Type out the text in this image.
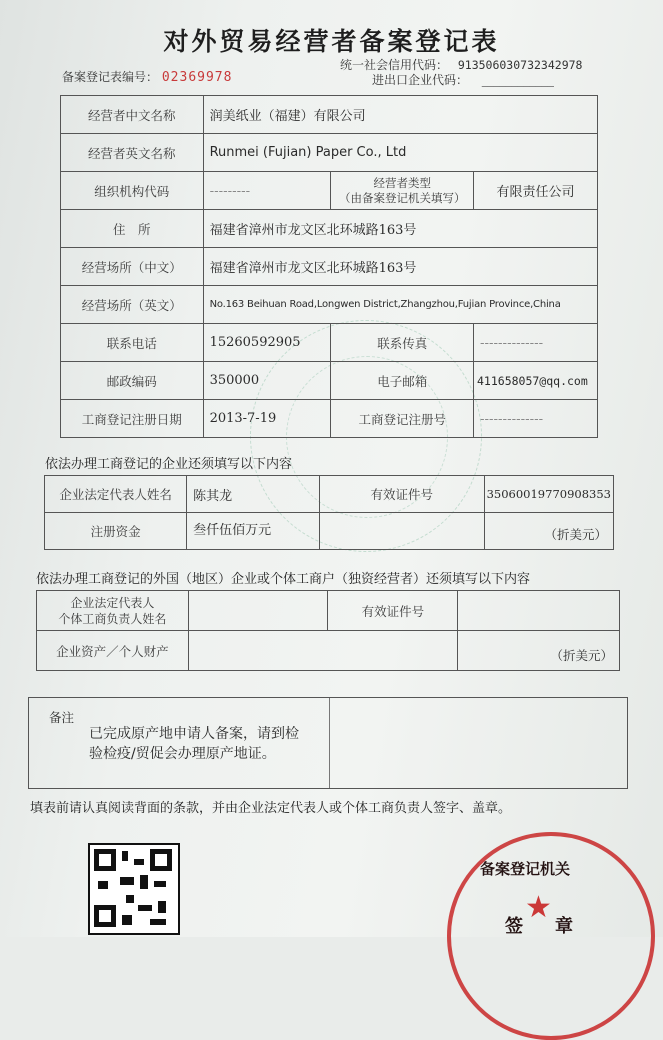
对外贸易经营者备案登记表
备案登记表编号： 02369978
统一社会信用代码： 913506030732342978
进出口企业代码： ____________
经营者中文名称	润美纸业（福建）有限公司		
经营者英文名称	Runmei (Fujian) Paper Co., Ltd		
组织机构代码	---------	经营者类型
（由备案登记机关填写）	有限责任公司
住　所	福建省漳州市龙文区北环城路163号		
经营场所（中文）	福建省漳州市龙文区北环城路163号		
经营场所（英文）	No.163 Beihuan Road,Longwen District,Zhangzhou,Fujian Province,China		
联系电话	15260592905	联系传真	--------------
邮政编码	350000	电子邮箱	411658057@qq.com
工商登记注册日期	2013-7-19	工商登记注册号	--------------
依法办理工商登记的企业还须填写以下内容
企业法定代表人姓名	陈其龙	有效证件号	35060019770908353
注册资金	叁仟伍佰万元		（折美元）
依法办理工商登记的外国（地区）企业或个体工商户（独资经营者）还须填写以下内容
企业法定代表人
个体工商负责人姓名		有效证件号	
企业资产／个人财产			（折美元）
备注
已完成原产地申请人备案，请到检
验检疫/贸促会办理原产地证。
填表前请认真阅读背面的条款，并由企业法定代表人或个体工商负责人签字、盖章。
备案登记机关
★
签 章
